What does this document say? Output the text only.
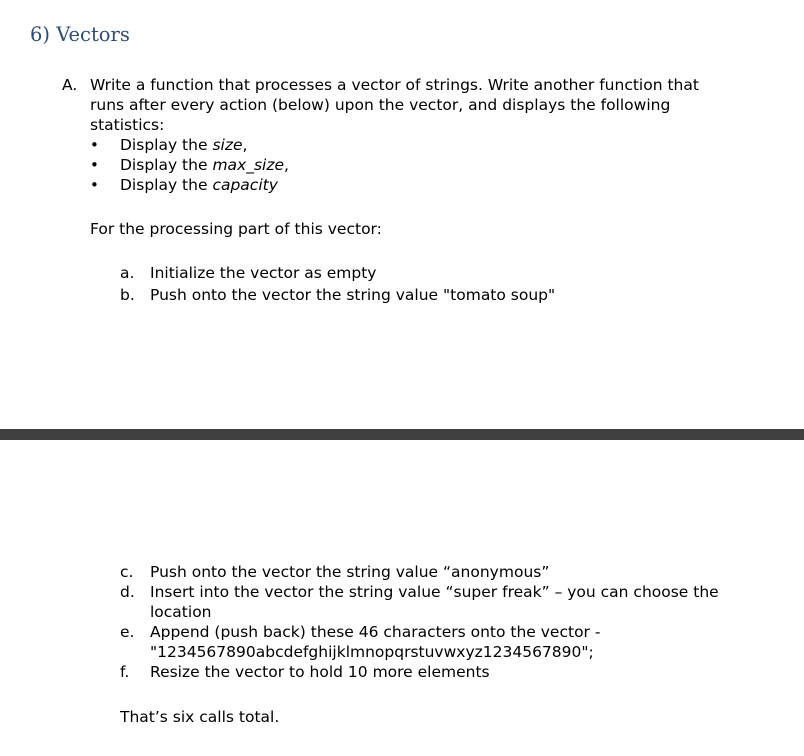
6) Vectors
A. Write a function that processes a vector of strings. Write another function that
runs after every action (below) upon the vector, and displays the following
statistics:
• Display the size,
• Display the max_size,
• Display the capacity
For the processing part of this vector:
a. Initialize the vector as empty
b. Push onto the vector the string value "tomato soup"
c. Push onto the vector the string value “anonymous”
d. Insert into the vector the string value “super freak” – you can choose the
location
e. Append (push back) these 46 characters onto the vector -
"1234567890abcdefghijklmnopqrstuvwxyz1234567890";
f. Resize the vector to hold 10 more elements
That’s six calls total.
